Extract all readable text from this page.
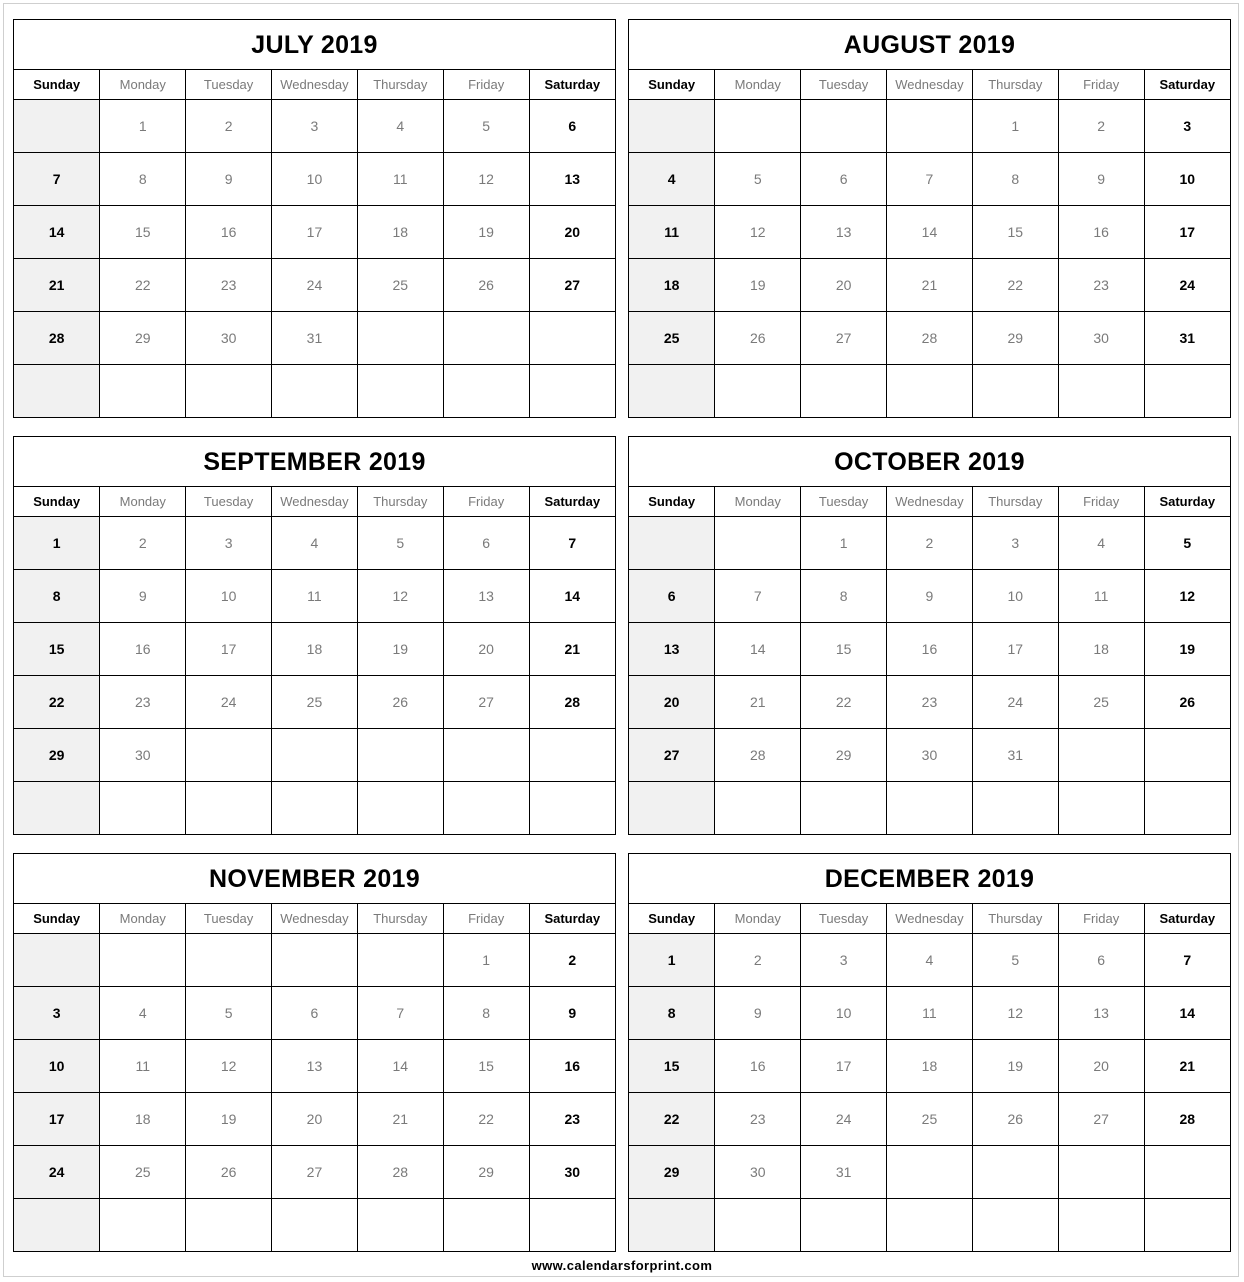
JULY 2019
Sunday	Monday	Tuesday	Wednesday	Thursday	Friday	Saturday
	1	2	3	4	5	6
7	8	9	10	11	12	13
14	15	16	17	18	19	20
21	22	23	24	25	26	27
28	29	30	31			

AUGUST 2019
Sunday	Monday	Tuesday	Wednesday	Thursday	Friday	Saturday
				1	2	3
4	5	6	7	8	9	10
11	12	13	14	15	16	17
18	19	20	21	22	23	24
25	26	27	28	29	30	31

SEPTEMBER 2019
Sunday	Monday	Tuesday	Wednesday	Thursday	Friday	Saturday
1	2	3	4	5	6	7
8	9	10	11	12	13	14
15	16	17	18	19	20	21
22	23	24	25	26	27	28
29	30					

OCTOBER 2019
Sunday	Monday	Tuesday	Wednesday	Thursday	Friday	Saturday
		1	2	3	4	5
6	7	8	9	10	11	12
13	14	15	16	17	18	19
20	21	22	23	24	25	26
27	28	29	30	31		

NOVEMBER 2019
Sunday	Monday	Tuesday	Wednesday	Thursday	Friday	Saturday
					1	2
3	4	5	6	7	8	9
10	11	12	13	14	15	16
17	18	19	20	21	22	23
24	25	26	27	28	29	30

DECEMBER 2019
Sunday	Monday	Tuesday	Wednesday	Thursday	Friday	Saturday
1	2	3	4	5	6	7
8	9	10	11	12	13	14
15	16	17	18	19	20	21
22	23	24	25	26	27	28
29	30	31				

www.calendarsforprint.com
